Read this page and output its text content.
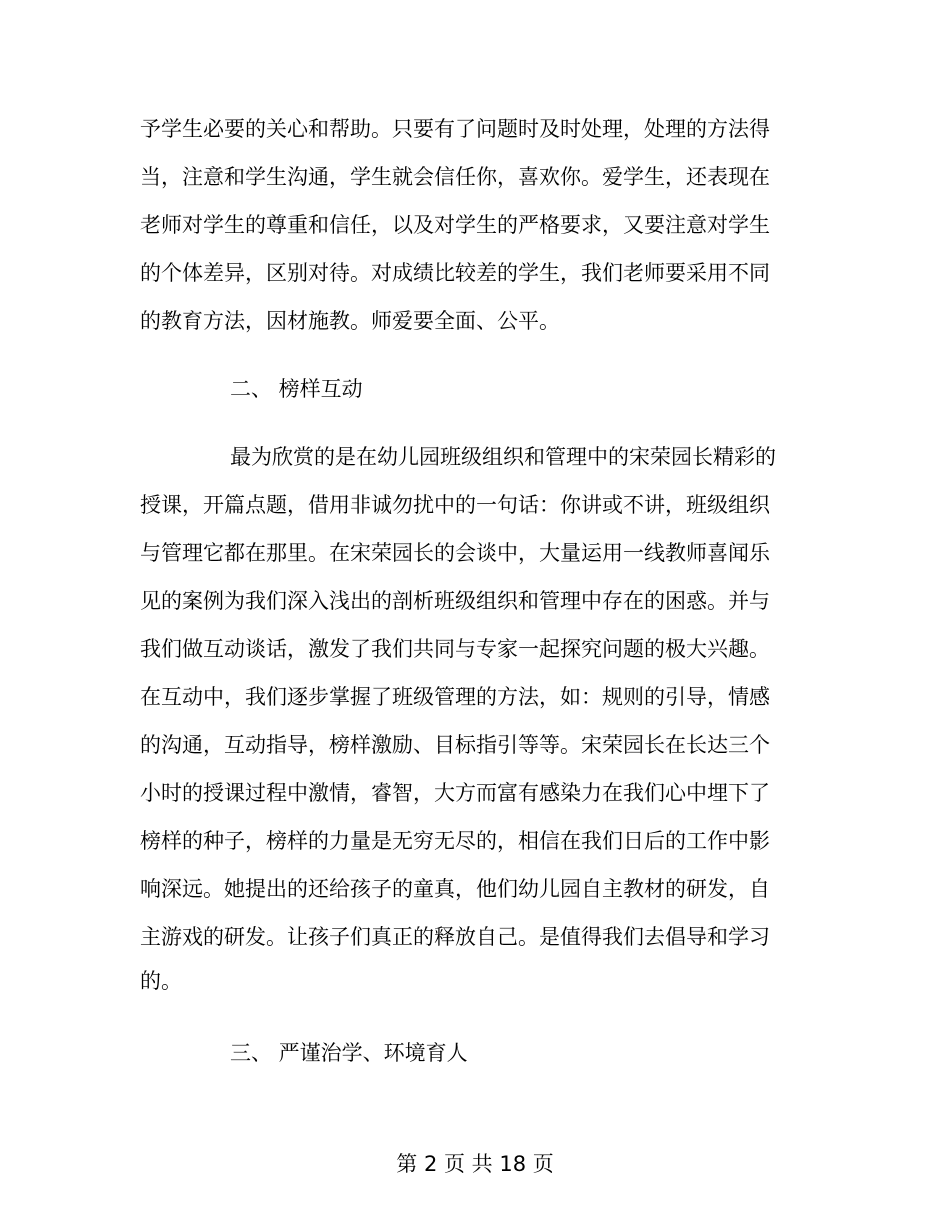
予学生必要的关心和帮助。只要有了问题时及时处理，处理的方法得
当，注意和学生沟通，学生就会信任你，喜欢你。爱学生，还表现在
老师对学生的尊重和信任，以及对学生的严格要求，又要注意对学生
的个体差异，区别对待。对成绩比较差的学生，我们老师要采用不同
的教育方法，因材施教。师爱要全面、公平。
二、 榜样互动
最为欣赏的是在幼儿园班级组织和管理中的宋荣园长精彩的
授课，开篇点题，借用非诚勿扰中的一句话：你讲或不讲，班级组织
与管理它都在那里。在宋荣园长的会谈中，大量运用一线教师喜闻乐
见的案例为我们深入浅出的剖析班级组织和管理中存在的困惑。并与
我们做互动谈话，激发了我们共同与专家一起探究问题的极大兴趣。
在互动中，我们逐步掌握了班级管理的方法，如：规则的引导，情感
的沟通，互动指导，榜样激励、目标指引等等。宋荣园长在长达三个
小时的授课过程中激情，睿智，大方而富有感染力在我们心中埋下了
榜样的种子，榜样的力量是无穷无尽的，相信在我们日后的工作中影
响深远。她提出的还给孩子的童真，他们幼儿园自主教材的研发，自
主游戏的研发。让孩子们真正的释放自己。是值得我们去倡导和学习
的。
三、 严谨治学、环境育人
第 2 页 共 18 页
